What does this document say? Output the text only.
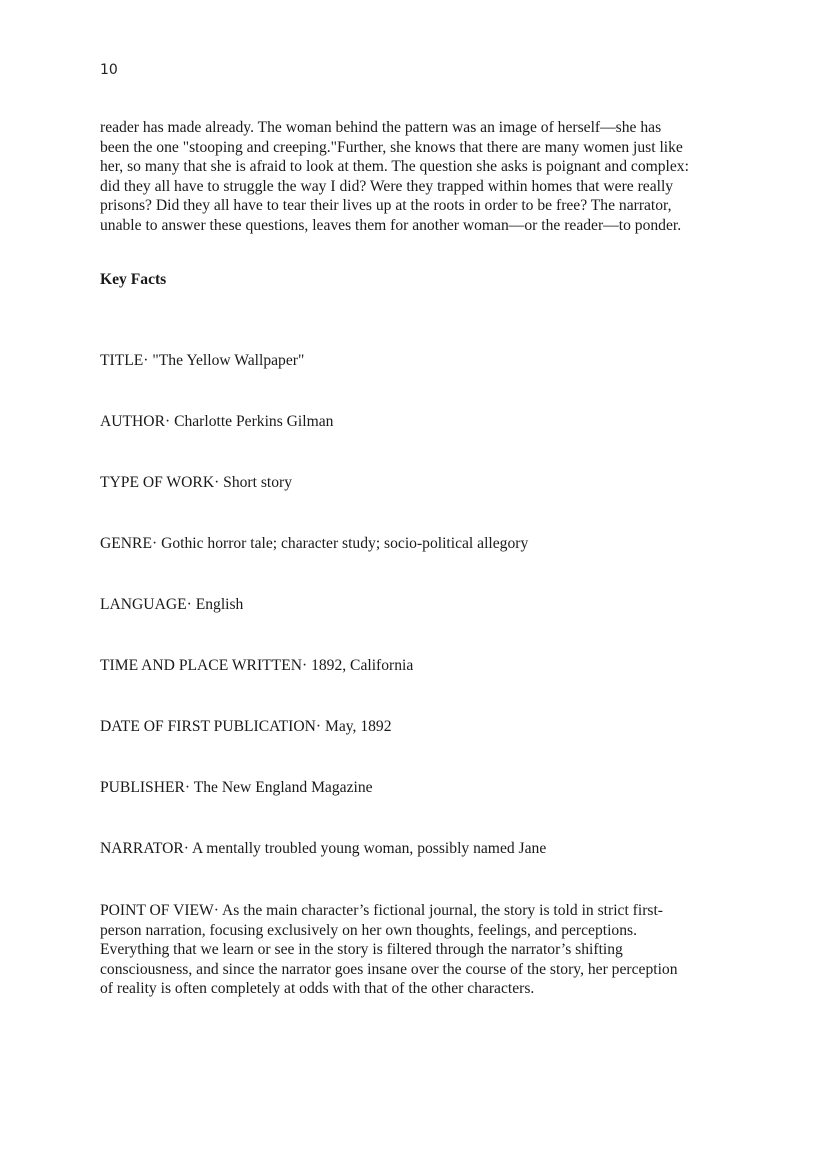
10

reader has made already. The woman behind the pattern was an image of herself—she has
been the one "stooping and creeping."Further, she knows that there are many women just like
her, so many that she is afraid to look at them. The question she asks is poignant and complex:
did they all have to struggle the way I did? Were they trapped within homes that were really
prisons? Did they all have to tear their lives up at the roots in order to be free? The narrator,
unable to answer these questions, leaves them for another woman—or the reader—to ponder.

Key Facts

TITLE· "The Yellow Wallpaper"

AUTHOR· Charlotte Perkins Gilman

TYPE OF WORK· Short story

GENRE· Gothic horror tale; character study; socio-political allegory

LANGUAGE· English

TIME AND PLACE WRITTEN· 1892, California

DATE OF FIRST PUBLICATION· May, 1892

PUBLISHER· The New England Magazine

NARRATOR· A mentally troubled young woman, possibly named Jane

POINT OF VIEW· As the main character’s fictional journal, the story is told in strict first-
person narration, focusing exclusively on her own thoughts, feelings, and perceptions.
Everything that we learn or see in the story is filtered through the narrator’s shifting
consciousness, and since the narrator goes insane over the course of the story, her perception
of reality is often completely at odds with that of the other characters.
